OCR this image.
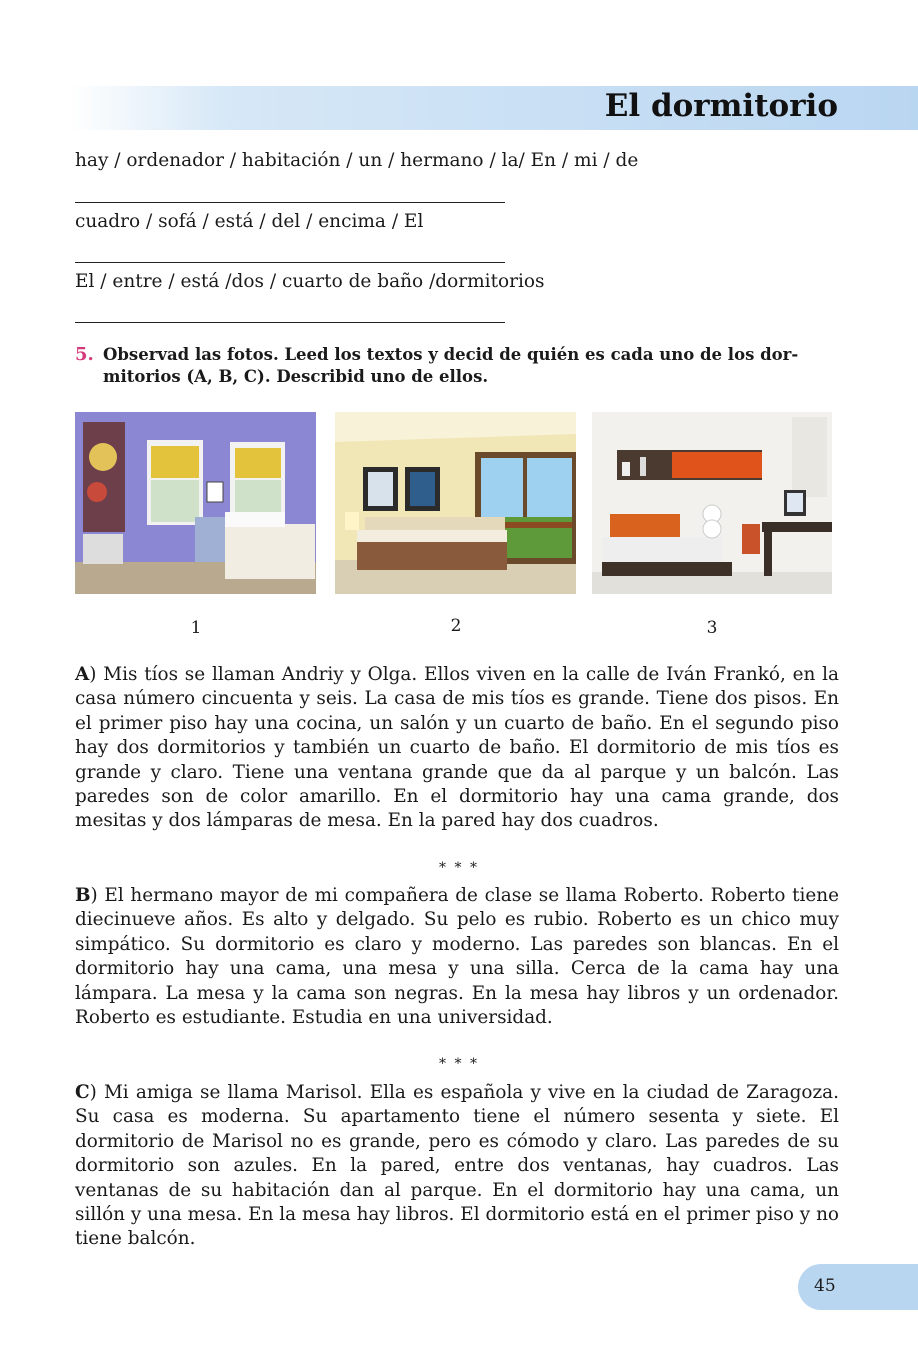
El dormitorio
hay / ordenador / habitación / un / hermano / la/ En / mi / de
cuadro / sofá / está / del / encima / El
El / entre / está /dos / cuarto de baño /dormitorios
5. Observad las fotos. Leed los textos y decid de quién es cada uno de los dor-
mitorios (A, B, C). Describid uno de ellos.
1	2	3
A) Mis tíos se llaman Andriy y Olga. Ellos viven en la calle de Iván Frankó, en la casa número cincuenta y seis. La casa de mis tíos es grande. Tiene dos pisos. En el primer piso hay una cocina, un salón y un cuarto de baño. En el segundo piso hay dos dormitorios y también un cuarto de baño. El dormitorio de mis tíos es grande y claro. Tiene una ventana grande que da al parque y un balcón. Las paredes son de color amarillo. En el dormitorio hay una cama grande, dos mesitas y dos lámparas de mesa. En la pared hay dos cuadros.
* * *
B) El hermano mayor de mi compañera de clase se llama Roberto. Roberto tiene diecinueve años. Es alto y delgado. Su pelo es rubio. Roberto es un chico muy simpático. Su dormitorio es claro y moderno. Las paredes son blancas. En el dormitorio hay una cama, una mesa y una silla. Cerca de la cama hay una lámpara. La mesa y la cama son negras. En la mesa hay libros y un ordenador. Roberto es estudiante. Estudia en una universidad.
* * *
C) Mi amiga se llama Marisol. Ella es española y vive en la ciudad de Zaragoza. Su casa es moderna. Su apartamento tiene el número sesenta y siete. El dormitorio de Marisol no es grande, pero es cómodo y claro. Las paredes de su dormitorio son azules. En la pared, entre dos ventanas, hay cuadros. Las ventanas de su habitación dan al parque. En el dormitorio hay una cama, un sillón y una mesa. En la mesa hay libros. El dormitorio está en el primer piso y no tiene balcón.
45
